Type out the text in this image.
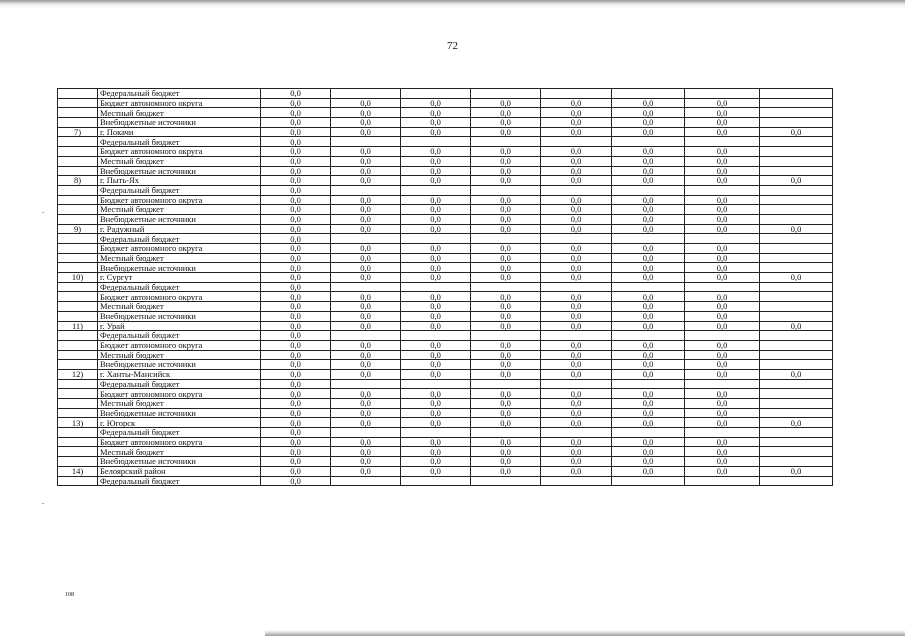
72
	Федеральный бюджет	0,0							
	Бюджет автономного округа	0,0	0,0	0,0	0,0	0,0	0,0	0,0	
	Местный бюджет	0,0	0,0	0,0	0,0	0,0	0,0	0,0	
	Внебюджетные источники	0,0	0,0	0,0	0,0	0,0	0,0	0,0	
7)	г. Покачи	0,0	0,0	0,0	0,0	0,0	0,0	0,0	0,0
	Федеральный бюджет	0,0							
	Бюджет автономного округа	0,0	0,0	0,0	0,0	0,0	0,0	0,0	
	Местный бюджет	0,0	0,0	0,0	0,0	0,0	0,0	0,0	
	Внебюджетные источники	0,0	0,0	0,0	0,0	0,0	0,0	0,0	
8)	г. Пыть-Ях	0,0	0,0	0,0	0,0	0,0	0,0	0,0	0,0
	Федеральный бюджет	0,0							
	Бюджет автономного округа	0,0	0,0	0,0	0,0	0,0	0,0	0,0	
	Местный бюджет	0,0	0,0	0,0	0,0	0,0	0,0	0,0	
	Внебюджетные источники	0,0	0,0	0,0	0,0	0,0	0,0	0,0	
9)	г. Радужный	0,0	0,0	0,0	0,0	0,0	0,0	0,0	0,0
	Федеральный бюджет	0,0							
	Бюджет автономного округа	0,0	0,0	0,0	0,0	0,0	0,0	0,0	
	Местный бюджет	0,0	0,0	0,0	0,0	0,0	0,0	0,0	
	Внебюджетные источники	0,0	0,0	0,0	0,0	0,0	0,0	0,0	
10)	г. Сургут	0,0	0,0	0,0	0,0	0,0	0,0	0,0	0,0
	Федеральный бюджет	0,0							
	Бюджет автономного округа	0,0	0,0	0,0	0,0	0,0	0,0	0,0	
	Местный бюджет	0,0	0,0	0,0	0,0	0,0	0,0	0,0	
	Внебюджетные источники	0,0	0,0	0,0	0,0	0,0	0,0	0,0	
11)	г. Урай	0,0	0,0	0,0	0,0	0,0	0,0	0,0	0,0
	Федеральный бюджет	0,0							
	Бюджет автономного округа	0,0	0,0	0,0	0,0	0,0	0,0	0,0	
	Местный бюджет	0,0	0,0	0,0	0,0	0,0	0,0	0,0	
	Внебюджетные источники	0,0	0,0	0,0	0,0	0,0	0,0	0,0	
12)	г. Ханты-Мансийск	0,0	0,0	0,0	0,0	0,0	0,0	0,0	0,0
	Федеральный бюджет	0,0							
	Бюджет автономного округа	0,0	0,0	0,0	0,0	0,0	0,0	0,0	
	Местный бюджет	0,0	0,0	0,0	0,0	0,0	0,0	0,0	
	Внебюджетные источники	0,0	0,0	0,0	0,0	0,0	0,0	0,0	
13)	г. Югорск	0,0	0,0	0,0	0,0	0,0	0,0	0,0	0,0
	Федеральный бюджет	0,0							
	Бюджет автономного округа	0,0	0,0	0,0	0,0	0,0	0,0	0,0	
	Местный бюджет	0,0	0,0	0,0	0,0	0,0	0,0	0,0	
	Внебюджетные источники	0,0	0,0	0,0	0,0	0,0	0,0	0,0	
14)	Белоярский район	0,0	0,0	0,0	0,0	0,0	0,0	0,0	0,0
	Федеральный бюджет	0,0							
.
.
108
